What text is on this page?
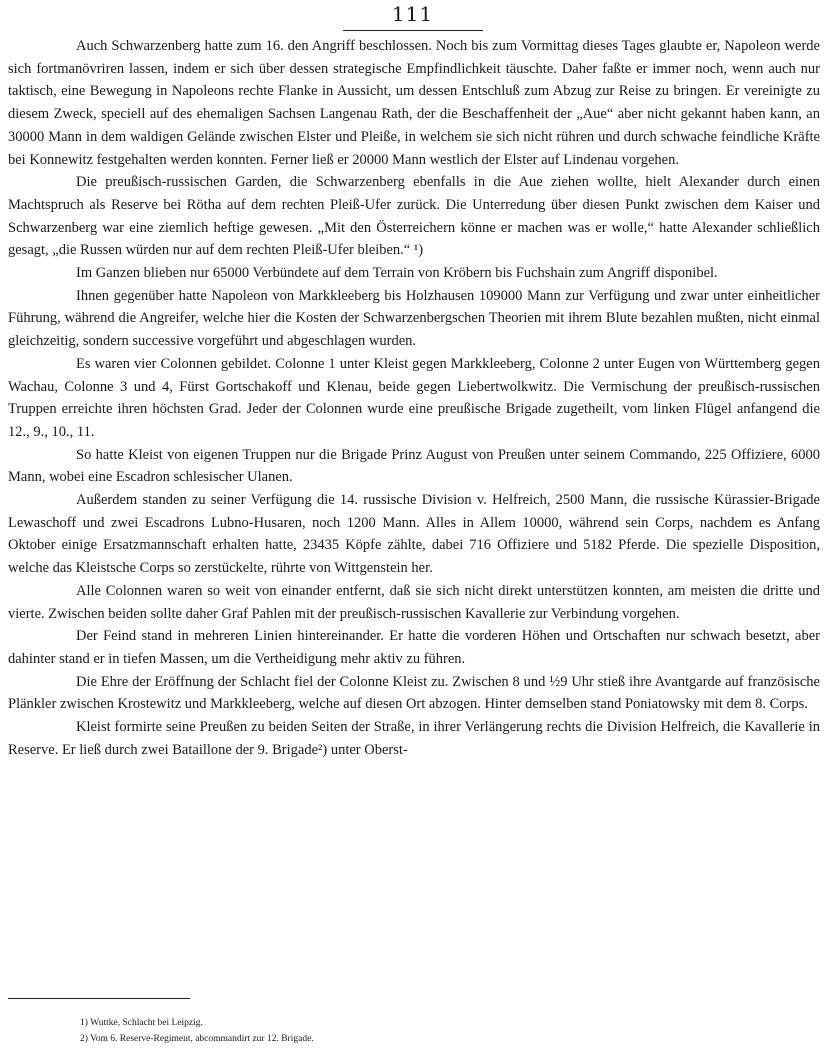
111

Auch Schwarzenberg hatte zum 16. den Angriff beschlossen. Noch bis zum Vormittag dieses Tages glaubte er, Napoleon werde sich fortmanövriren lassen, indem er sich über dessen strategische Empfindlichkeit täuschte. Daher faßte er immer noch, wenn auch nur taktisch, eine Bewegung in Napoleons rechte Flanke in Aussicht, um dessen Entschluß zum Abzug zur Reise zu bringen. Er vereinigte zu diesem Zweck, speciell auf des ehemaligen Sachsen Langenau Rath, der die Beschaffenheit der „Aue“ aber nicht gekannt haben kann, an 30000 Mann in dem waldigen Gelände zwischen Elster und Pleiße, in welchem sie sich nicht rühren und durch schwache feindliche Kräfte bei Konnewitz festgehalten werden konnten. Ferner ließ er 20000 Mann westlich der Elster auf Lindenau vorgehen.

Die preußisch-russischen Garden, die Schwarzenberg ebenfalls in die Aue ziehen wollte, hielt Alexander durch einen Machtspruch als Reserve bei Rötha auf dem rechten Pleiß-Ufer zurück. Die Unterredung über diesen Punkt zwischen dem Kaiser und Schwarzenberg war eine ziemlich heftige gewesen. „Mit den Österreichern könne er machen was er wolle,“ hatte Alexander schließlich gesagt, „die Russen würden nur auf dem rechten Pleiß-Ufer bleiben.“ ¹)

Im Ganzen blieben nur 65000 Verbündete auf dem Terrain von Kröbern bis Fuchshain zum Angriff disponibel.

Ihnen gegenüber hatte Napoleon von Markkleeberg bis Holzhausen 109000 Mann zur Verfügung und zwar unter einheitlicher Führung, während die Angreifer, welche hier die Kosten der Schwarzenbergschen Theorien mit ihrem Blute bezahlen mußten, nicht einmal gleichzeitig, sondern successive vorgeführt und abgeschlagen wurden.

Es waren vier Colonnen gebildet. Colonne 1 unter Kleist gegen Markkleeberg, Colonne 2 unter Eugen von Württemberg gegen Wachau, Colonne 3 und 4, Fürst Gortschakoff und Klenau, beide gegen Liebertwolkwitz. Die Vermischung der preußisch-russischen Truppen erreichte ihren höchsten Grad. Jeder der Colonnen wurde eine preußische Brigade zugetheilt, vom linken Flügel anfangend die 12., 9., 10., 11.

So hatte Kleist von eigenen Truppen nur die Brigade Prinz August von Preußen unter seinem Commando, 225 Offiziere, 6000 Mann, wobei eine Escadron schlesischer Ulanen.

Außerdem standen zu seiner Verfügung die 14. russische Division v. Helfreich, 2500 Mann, die russische Kürassier-Brigade Lewaschoff und zwei Escadrons Lubno-Husaren, noch 1200 Mann. Alles in Allem 10000, während sein Corps, nachdem es Anfang Oktober einige Ersatzmannschaft erhalten hatte, 23435 Köpfe zählte, dabei 716 Offiziere und 5182 Pferde. Die spezielle Disposition, welche das Kleistsche Corps so zerstückelte, rührte von Wittgenstein her.

Alle Colonnen waren so weit von einander entfernt, daß sie sich nicht direkt unterstützen konnten, am meisten die dritte und vierte. Zwischen beiden sollte daher Graf Pahlen mit der preußisch-russischen Kavallerie zur Verbindung vorgehen.

Der Feind stand in mehreren Linien hintereinander. Er hatte die vorderen Höhen und Ortschaften nur schwach besetzt, aber dahinter stand er in tiefen Massen, um die Vertheidigung mehr aktiv zu führen.

Die Ehre der Eröffnung der Schlacht fiel der Colonne Kleist zu. Zwischen 8 und ½9 Uhr stieß ihre Avantgarde auf französische Plänkler zwischen Krostewitz und Markkleeberg, welche auf diesen Ort abzogen. Hinter demselben stand Poniatowsky mit dem 8. Corps.

Kleist formirte seine Preußen zu beiden Seiten der Straße, in ihrer Verlängerung rechts die Division Helfreich, die Kavallerie in Reserve. Er ließ durch zwei Bataillone der 9. Brigade²) unter Oberst-

1) Wuttke, Schlacht bei Leipzig.

2) Vom 6. Reserve-Regiment, abcommandirt zur 12. Brigade.
